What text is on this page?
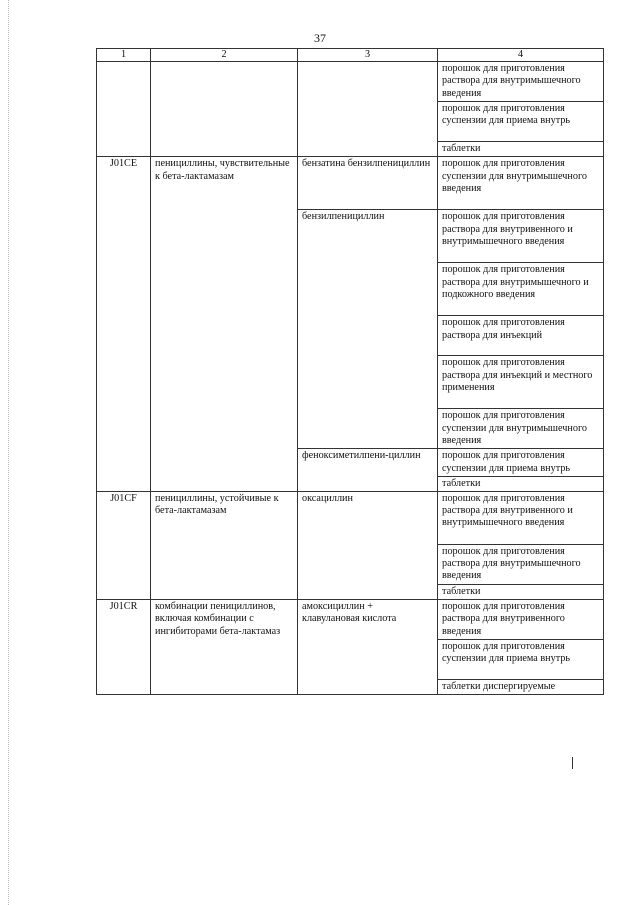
37
1	2	3	4

			порошок для приготовления раствора для внутримышечного введения

			порошок для приготовления суспензии для приема внутрь

			таблетки

J01CE	пенициллины, чувствительные к бета-лактамазам	бензатина бензилпенициллин	порошок для приготовления суспензии для внутримышечного введения

		бензилпенициллин	порошок для приготовления раствора для внутривенного и внутримышечного введения

			порошок для приготовления раствора для внутримышечного и подкожного введения

			порошок для приготовления раствора для инъекций

			порошок для приготовления раствора для инъекций и местного применения

			порошок для приготовления суспензии для внутримышечного введения

		феноксиметилпени-циллин	порошок для приготовления суспензии для приема внутрь

			таблетки

J01CF	пенициллины, устойчивые к бета-лактамазам	оксациллин	порошок для приготовления раствора для внутривенного и внутримышечного введения

			порошок для приготовления раствора для внутримышечного введения

			таблетки

J01CR	комбинации пенициллинов, включая комбинации с ингибиторами бета-лактамаз	амоксициллин + клавулановая кислота	порошок для приготовления раствора для внутривенного введения

			порошок для приготовления суспензии для приема внутрь

			таблетки диспергируемые
